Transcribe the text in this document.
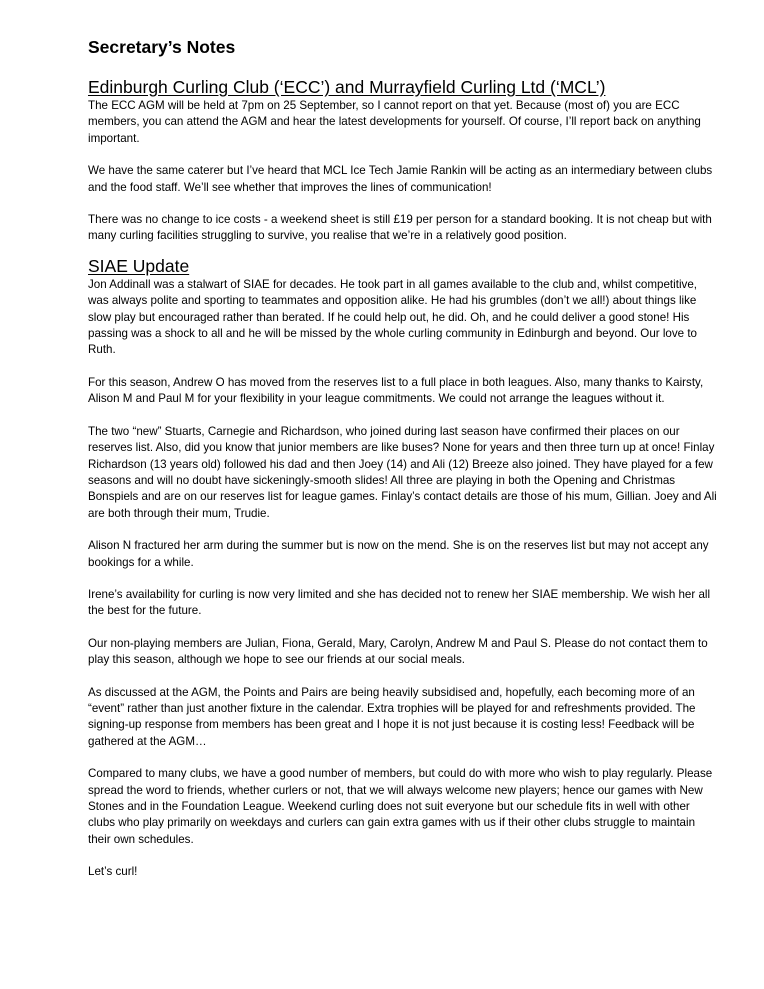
Secretary’s Notes
Edinburgh Curling Club (‘ECC’) and Murrayfield Curling Ltd (‘MCL’)

The ECC AGM will be held at 7pm on 25 September, so I cannot report on that yet. Because (most of) you are ECC members, you can attend the AGM and hear the latest developments for yourself. Of course, I’ll report back on anything important.

We have the same caterer but I’ve heard that MCL Ice Tech Jamie Rankin will be acting as an intermediary between clubs and the food staff. We’ll see whether that improves the lines of communication!

There was no change to ice costs - a weekend sheet is still £19 per person for a standard booking. It is not cheap but with many curling facilities struggling to survive, you realise that we’re in a relatively good position.

SIAE Update

Jon Addinall was a stalwart of SIAE for decades. He took part in all games available to the club and, whilst competitive, was always polite and sporting to teammates and opposition alike. He had his grumbles (don’t we all!) about things like slow play but encouraged rather than berated. If he could help out, he did. Oh, and he could deliver a good stone! His passing was a shock to all and he will be missed by the whole curling community in Edinburgh and beyond. Our love to Ruth.

For this season, Andrew O has moved from the reserves list to a full place in both leagues. Also, many thanks to Kairsty, Alison M and Paul M for your flexibility in your league commitments. We could not arrange the leagues without it.

The two “new” Stuarts, Carnegie and Richardson, who joined during last season have confirmed their places on our reserves list. Also, did you know that junior members are like buses? None for years and then three turn up at once! Finlay Richardson (13 years old) followed his dad and then Joey (14) and Ali (12) Breeze also joined. They have played for a few seasons and will no doubt have sickeningly-smooth slides! All three are playing in both the Opening and Christmas Bonspiels and are on our reserves list for league games. Finlay’s contact details are those of his mum, Gillian. Joey and Ali are both through their mum, Trudie.

Alison N fractured her arm during the summer but is now on the mend. She is on the reserves list but may not accept any bookings for a while.

Irene’s availability for curling is now very limited and she has decided not to renew her SIAE membership. We wish her all the best for the future.

Our non-playing members are Julian, Fiona, Gerald, Mary, Carolyn, Andrew M and Paul S. Please do not contact them to play this season, although we hope to see our friends at our social meals.

As discussed at the AGM, the Points and Pairs are being heavily subsidised and, hopefully, each becoming more of an “event” rather than just another fixture in the calendar. Extra trophies will be played for and refreshments provided. The signing-up response from members has been great and I hope it is not just because it is costing less! Feedback will be gathered at the AGM…

Compared to many clubs, we have a good number of members, but could do with more who wish to play regularly. Please spread the word to friends, whether curlers or not, that we will always welcome new players; hence our games with New Stones and in the Foundation League. Weekend curling does not suit everyone but our schedule fits in well with other clubs who play primarily on weekdays and curlers can gain extra games with us if their other clubs struggle to maintain their own schedules.

Let’s curl!
